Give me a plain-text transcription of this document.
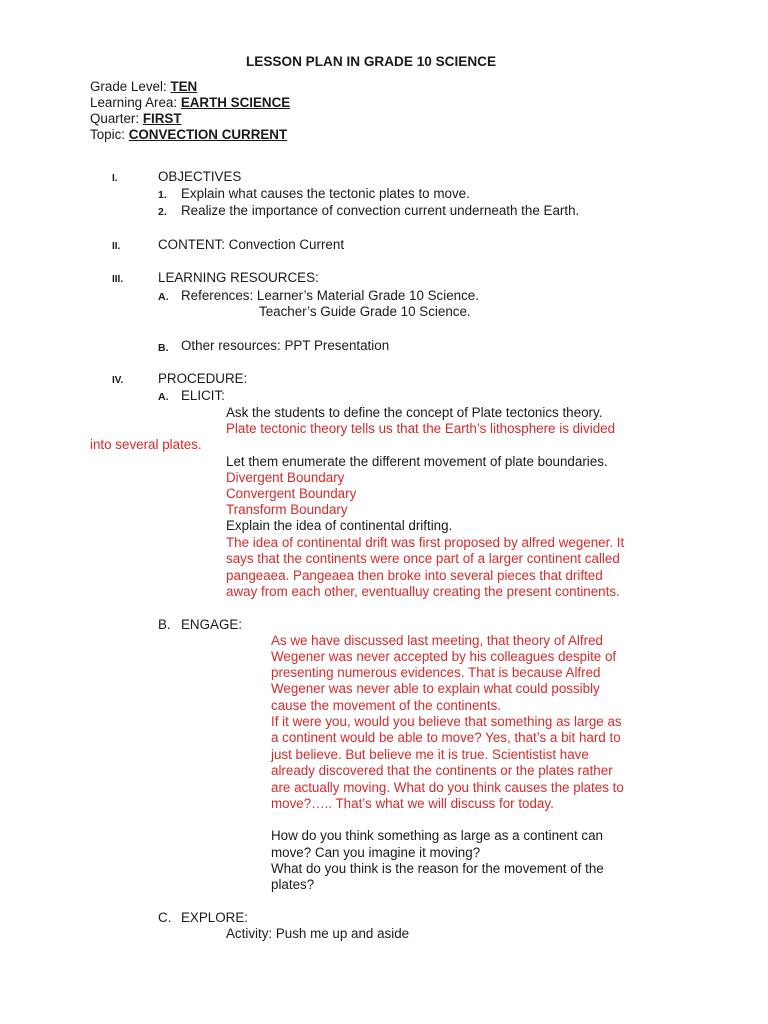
LESSON PLAN IN GRADE 10 SCIENCE
Grade Level: TEN
Learning Area: EARTH SCIENCE
Quarter: FIRST
Topic: CONVECTION CURRENT
I.	OBJECTIVES
1. Explain what causes the tectonic plates to move.
2. Realize the importance of convection current underneath the Earth.
II.	CONTENT: Convection Current
III.	LEARNING RESOURCES:
A. References: Learner’s Material Grade 10 Science.
Teacher’s Guide Grade 10 Science.
B. Other resources: PPT Presentation
IV.	PROCEDURE:
A. ELICIT:
Ask the students to define the concept of Plate tectonics theory.
Plate tectonic theory tells us that the Earth’s lithosphere is divided
into several plates.
Let them enumerate the different movement of plate boundaries.
Divergent Boundary
Convergent Boundary
Transform Boundary
Explain the idea of continental drifting.
The idea of continental drift was first proposed by alfred wegener. It
says that the continents were once part of a larger continent called
pangeaea. Pangeaea then broke into several pieces that drifted
away from each other, eventualluy creating the present continents.
B. ENGAGE:
As we have discussed last meeting, that theory of Alfred
Wegener was never accepted by his colleagues despite of
presenting numerous evidences. That is because Alfred
Wegener was never able to explain what could possibly
cause the movement of the continents.
If it were you, would you believe that something as large as
a continent would be able to move? Yes, that’s a bit hard to
just believe. But believe me it is true. Scientistist have
already discovered that the continents or the plates rather
are actually moving. What do you think causes the plates to
move?….. That’s what we will discuss for today.
How do you think something as large as a continent can
move? Can you imagine it moving?
What do you think is the reason for the movement of the
plates?
C. EXPLORE:
Activity: Push me up and aside
